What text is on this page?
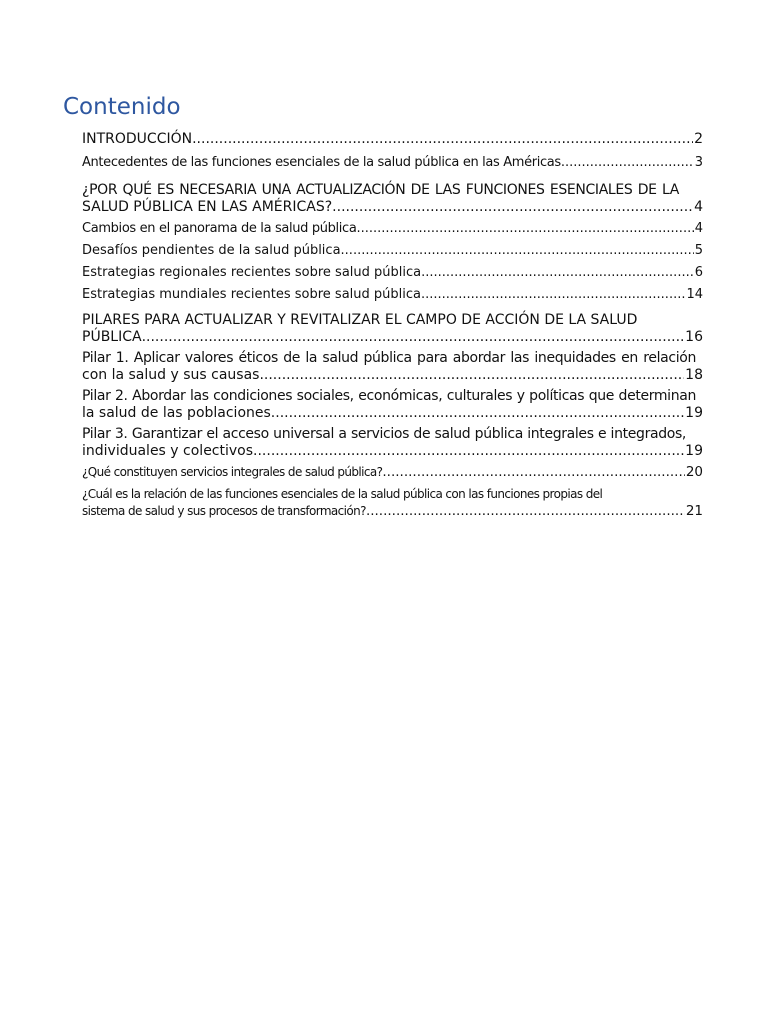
Contenido
INTRODUCCIÓN .....	2
Antecedentes de las funciones esenciales de la salud pública en las Américas .....	3
¿POR QUÉ ES NECESARIA UNA ACTUALIZACIÓN DE LAS FUNCIONES ESENCIALES DE LA
SALUD PÚBLICA EN LAS AMÉRICAS? .....	4
Cambios en el panorama de la salud pública .....	4
Desafíos pendientes de la salud pública .....	5
Estrategias regionales recientes sobre salud pública .....	6
Estrategias mundiales recientes sobre salud pública .....	14
PILARES PARA ACTUALIZAR Y REVITALIZAR EL CAMPO DE ACCIÓN DE LA SALUD
PÚBLICA .....	16
Pilar 1. Aplicar valores éticos de la salud pública para abordar las inequidades en relación
con la salud y sus causas .....	18
Pilar 2. Abordar las condiciones sociales, económicas, culturales y políticas que determinan
la salud de las poblaciones .....	19
Pilar 3. Garantizar el acceso universal a servicios de salud pública integrales e integrados,
individuales y colectivos .....	19
¿Qué constituyen servicios integrales de salud pública? .....	20
¿Cuál es la relación de las funciones esenciales de la salud pública con las funciones propias del
sistema de salud y sus procesos de transformación? .....	21
